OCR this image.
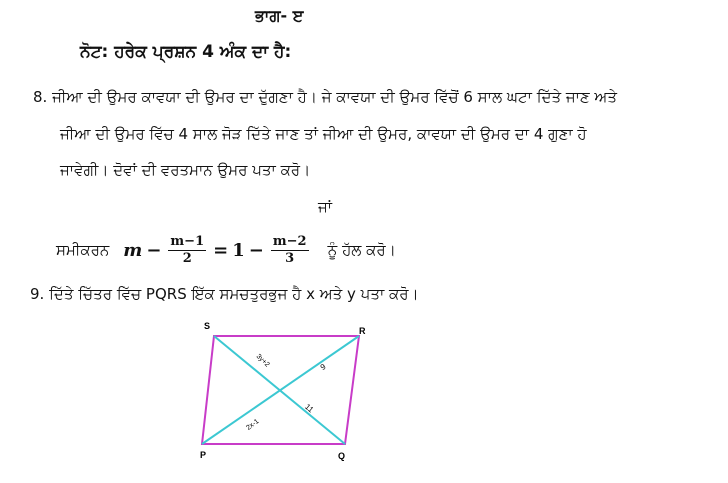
ਭਾਗ- ੲ
ਨੋਟ: ਹਰੇਕ ਪ੍ਰਸ਼ਨ 4 ਅੰਕ ਦਾ ਹੈ:
8. ਜੀਆ ਦੀ ਉਮਰ ਕਾਵਯਾ ਦੀ ਉਮਰ ਦਾ ਦੁੱਗਣਾ ਹੈ। ਜੇ ਕਾਵਯਾ ਦੀ ਉਮਰ ਵਿੱਚੋਂ 6 ਸਾਲ ਘਟਾ ਦਿੱਤੇ ਜਾਣ ਅਤੇ
ਜੀਆ ਦੀ ਉਮਰ ਵਿੱਚ 4 ਸਾਲ ਜੋੜ ਦਿੱਤੇ ਜਾਣ ਤਾਂ ਜੀਆ ਦੀ ਉਮਰ, ਕਾਵਯਾ ਦੀ ਉਮਰ ਦਾ 4 ਗੁਣਾ ਹੋ
ਜਾਵੇਗੀ। ਦੋਵਾਂ ਦੀ ਵਰਤਮਾਨ ਉਮਰ ਪਤਾ ਕਰੋ।
ਜਾਂ
ਸਮੀਕਰਨ $m - \frac{m-1}{2} = 1 - \frac{m-2}{3}$ ਨੂੰ ਹੱਲ ਕਰੋ।
9. ਦਿੱਤੇ ਚਿੱਤਰ ਵਿੱਚ PQRS ਇੱਕ ਸਮਚਤੁਰਭੁਜ ਹੈ x ਅਤੇ y ਪਤਾ ਕਰੋ।
S	R
P	Q
3y+2	9
11
2x-1
